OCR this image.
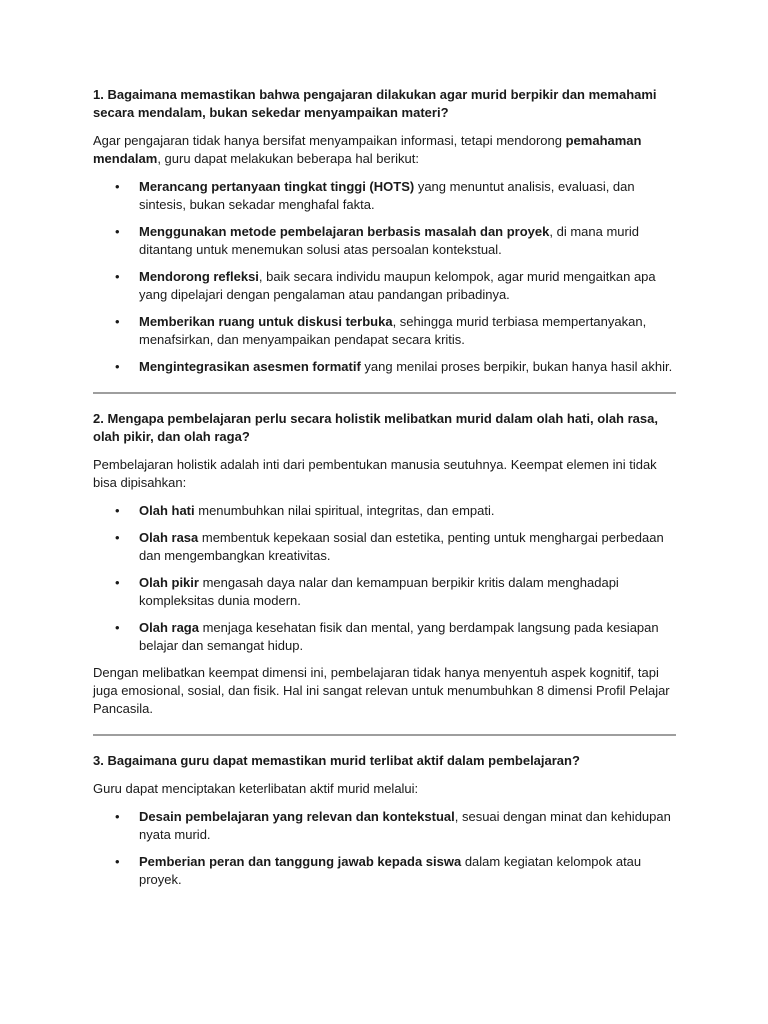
1. Bagaimana memastikan bahwa pengajaran dilakukan agar murid berpikir dan memahami secara mendalam, bukan sekedar menyampaikan materi?

Agar pengajaran tidak hanya bersifat menyampaikan informasi, tetapi mendorong pemahaman mendalam, guru dapat melakukan beberapa hal berikut:

• Merancang pertanyaan tingkat tinggi (HOTS) yang menuntut analisis, evaluasi, dan sintesis, bukan sekadar menghafal fakta.
• Menggunakan metode pembelajaran berbasis masalah dan proyek, di mana murid ditantang untuk menemukan solusi atas persoalan kontekstual.
• Mendorong refleksi, baik secara individu maupun kelompok, agar murid mengaitkan apa yang dipelajari dengan pengalaman atau pandangan pribadinya.
• Memberikan ruang untuk diskusi terbuka, sehingga murid terbiasa mempertanyakan, menafsirkan, dan menyampaikan pendapat secara kritis.
• Mengintegrasikan asesmen formatif yang menilai proses berpikir, bukan hanya hasil akhir.

2. Mengapa pembelajaran perlu secara holistik melibatkan murid dalam olah hati, olah rasa, olah pikir, dan olah raga?

Pembelajaran holistik adalah inti dari pembentukan manusia seutuhnya. Keempat elemen ini tidak bisa dipisahkan:

• Olah hati menumbuhkan nilai spiritual, integritas, dan empati.
• Olah rasa membentuk kepekaan sosial dan estetika, penting untuk menghargai perbedaan dan mengembangkan kreativitas.
• Olah pikir mengasah daya nalar dan kemampuan berpikir kritis dalam menghadapi kompleksitas dunia modern.
• Olah raga menjaga kesehatan fisik dan mental, yang berdampak langsung pada kesiapan belajar dan semangat hidup.

Dengan melibatkan keempat dimensi ini, pembelajaran tidak hanya menyentuh aspek kognitif, tapi juga emosional, sosial, dan fisik. Hal ini sangat relevan untuk menumbuhkan 8 dimensi Profil Pelajar Pancasila.

3. Bagaimana guru dapat memastikan murid terlibat aktif dalam pembelajaran?

Guru dapat menciptakan keterlibatan aktif murid melalui:

• Desain pembelajaran yang relevan dan kontekstual, sesuai dengan minat dan kehidupan nyata murid.
• Pemberian peran dan tanggung jawab kepada siswa dalam kegiatan kelompok atau proyek.
